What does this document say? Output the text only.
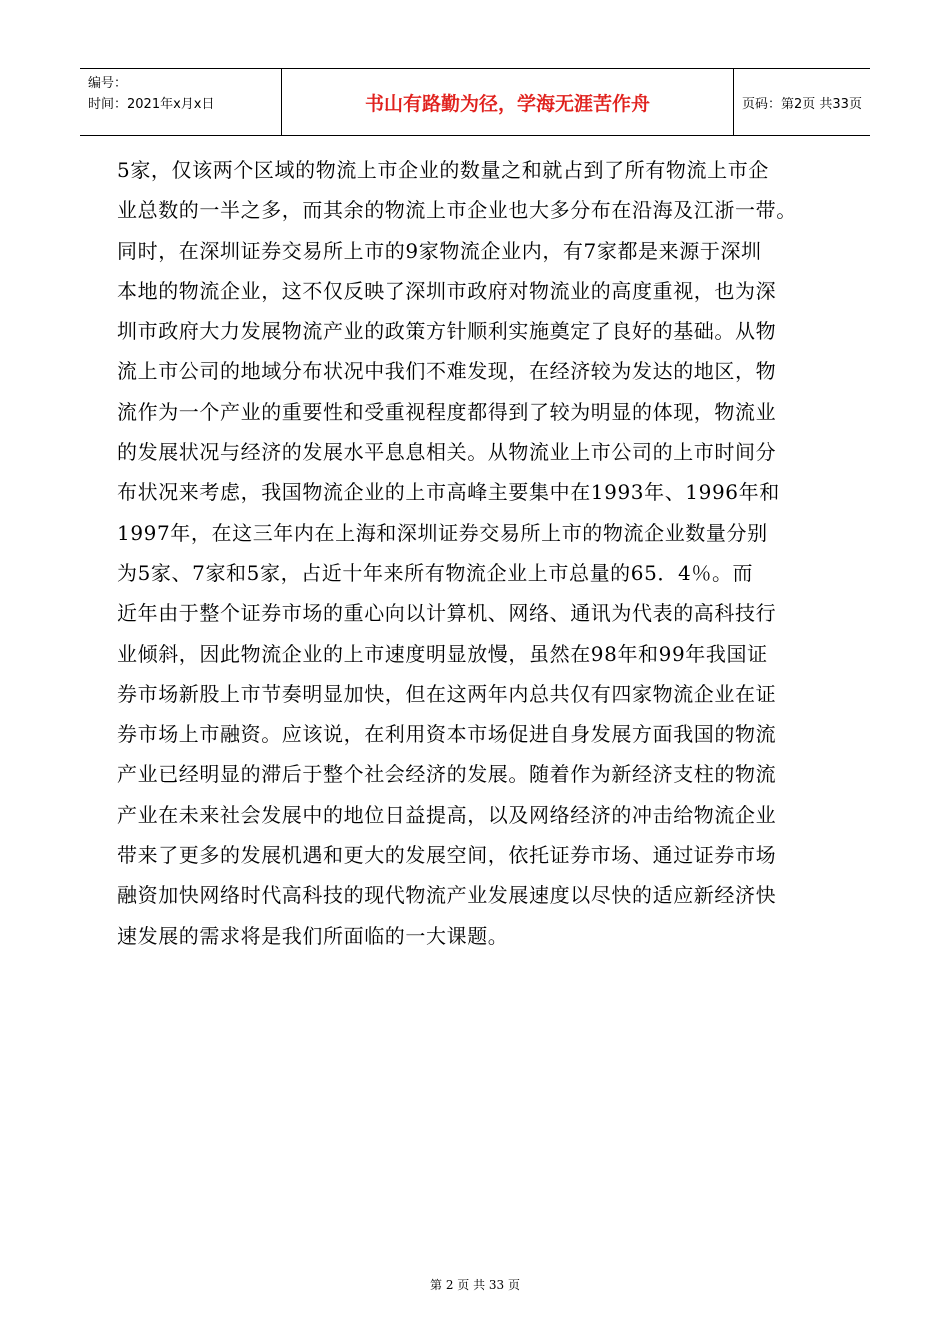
编号：
时间：2021年x月x日	书山有路勤为径，学海无涯苦作舟	页码：第2页 共33页
5家，仅该两个区域的物流上市企业的数量之和就占到了所有物流上市企
业总数的一半之多，而其余的物流上市企业也大多分布在沿海及江浙一带。
同时，在深圳证券交易所上市的9家物流企业内，有7家都是来源于深圳
本地的物流企业，这不仅反映了深圳市政府对物流业的高度重视，也为深
圳市政府大力发展物流产业的政策方针顺利实施奠定了良好的基础。从物
流上市公司的地域分布状况中我们不难发现，在经济较为发达的地区，物
流作为一个产业的重要性和受重视程度都得到了较为明显的体现，物流业
的发展状况与经济的发展水平息息相关。从物流业上市公司的上市时间分
布状况来考虑，我国物流企业的上市高峰主要集中在1993年、1996年和
1997年，在这三年内在上海和深圳证券交易所上市的物流企业数量分别
为5家、7家和5家，占近十年来所有物流企业上市总量的65．4％。而
近年由于整个证券市场的重心向以计算机、网络、通讯为代表的高科技行
业倾斜，因此物流企业的上市速度明显放慢，虽然在98年和99年我国证
券市场新股上市节奏明显加快，但在这两年内总共仅有四家物流企业在证
券市场上市融资。应该说，在利用资本市场促进自身发展方面我国的物流
产业已经明显的滞后于整个社会经济的发展。随着作为新经济支柱的物流
产业在未来社会发展中的地位日益提高，以及网络经济的冲击给物流企业
带来了更多的发展机遇和更大的发展空间，依托证券市场、通过证券市场
融资加快网络时代高科技的现代物流产业发展速度以尽快的适应新经济快
速发展的需求将是我们所面临的一大课题。
第 2 页 共 33 页
